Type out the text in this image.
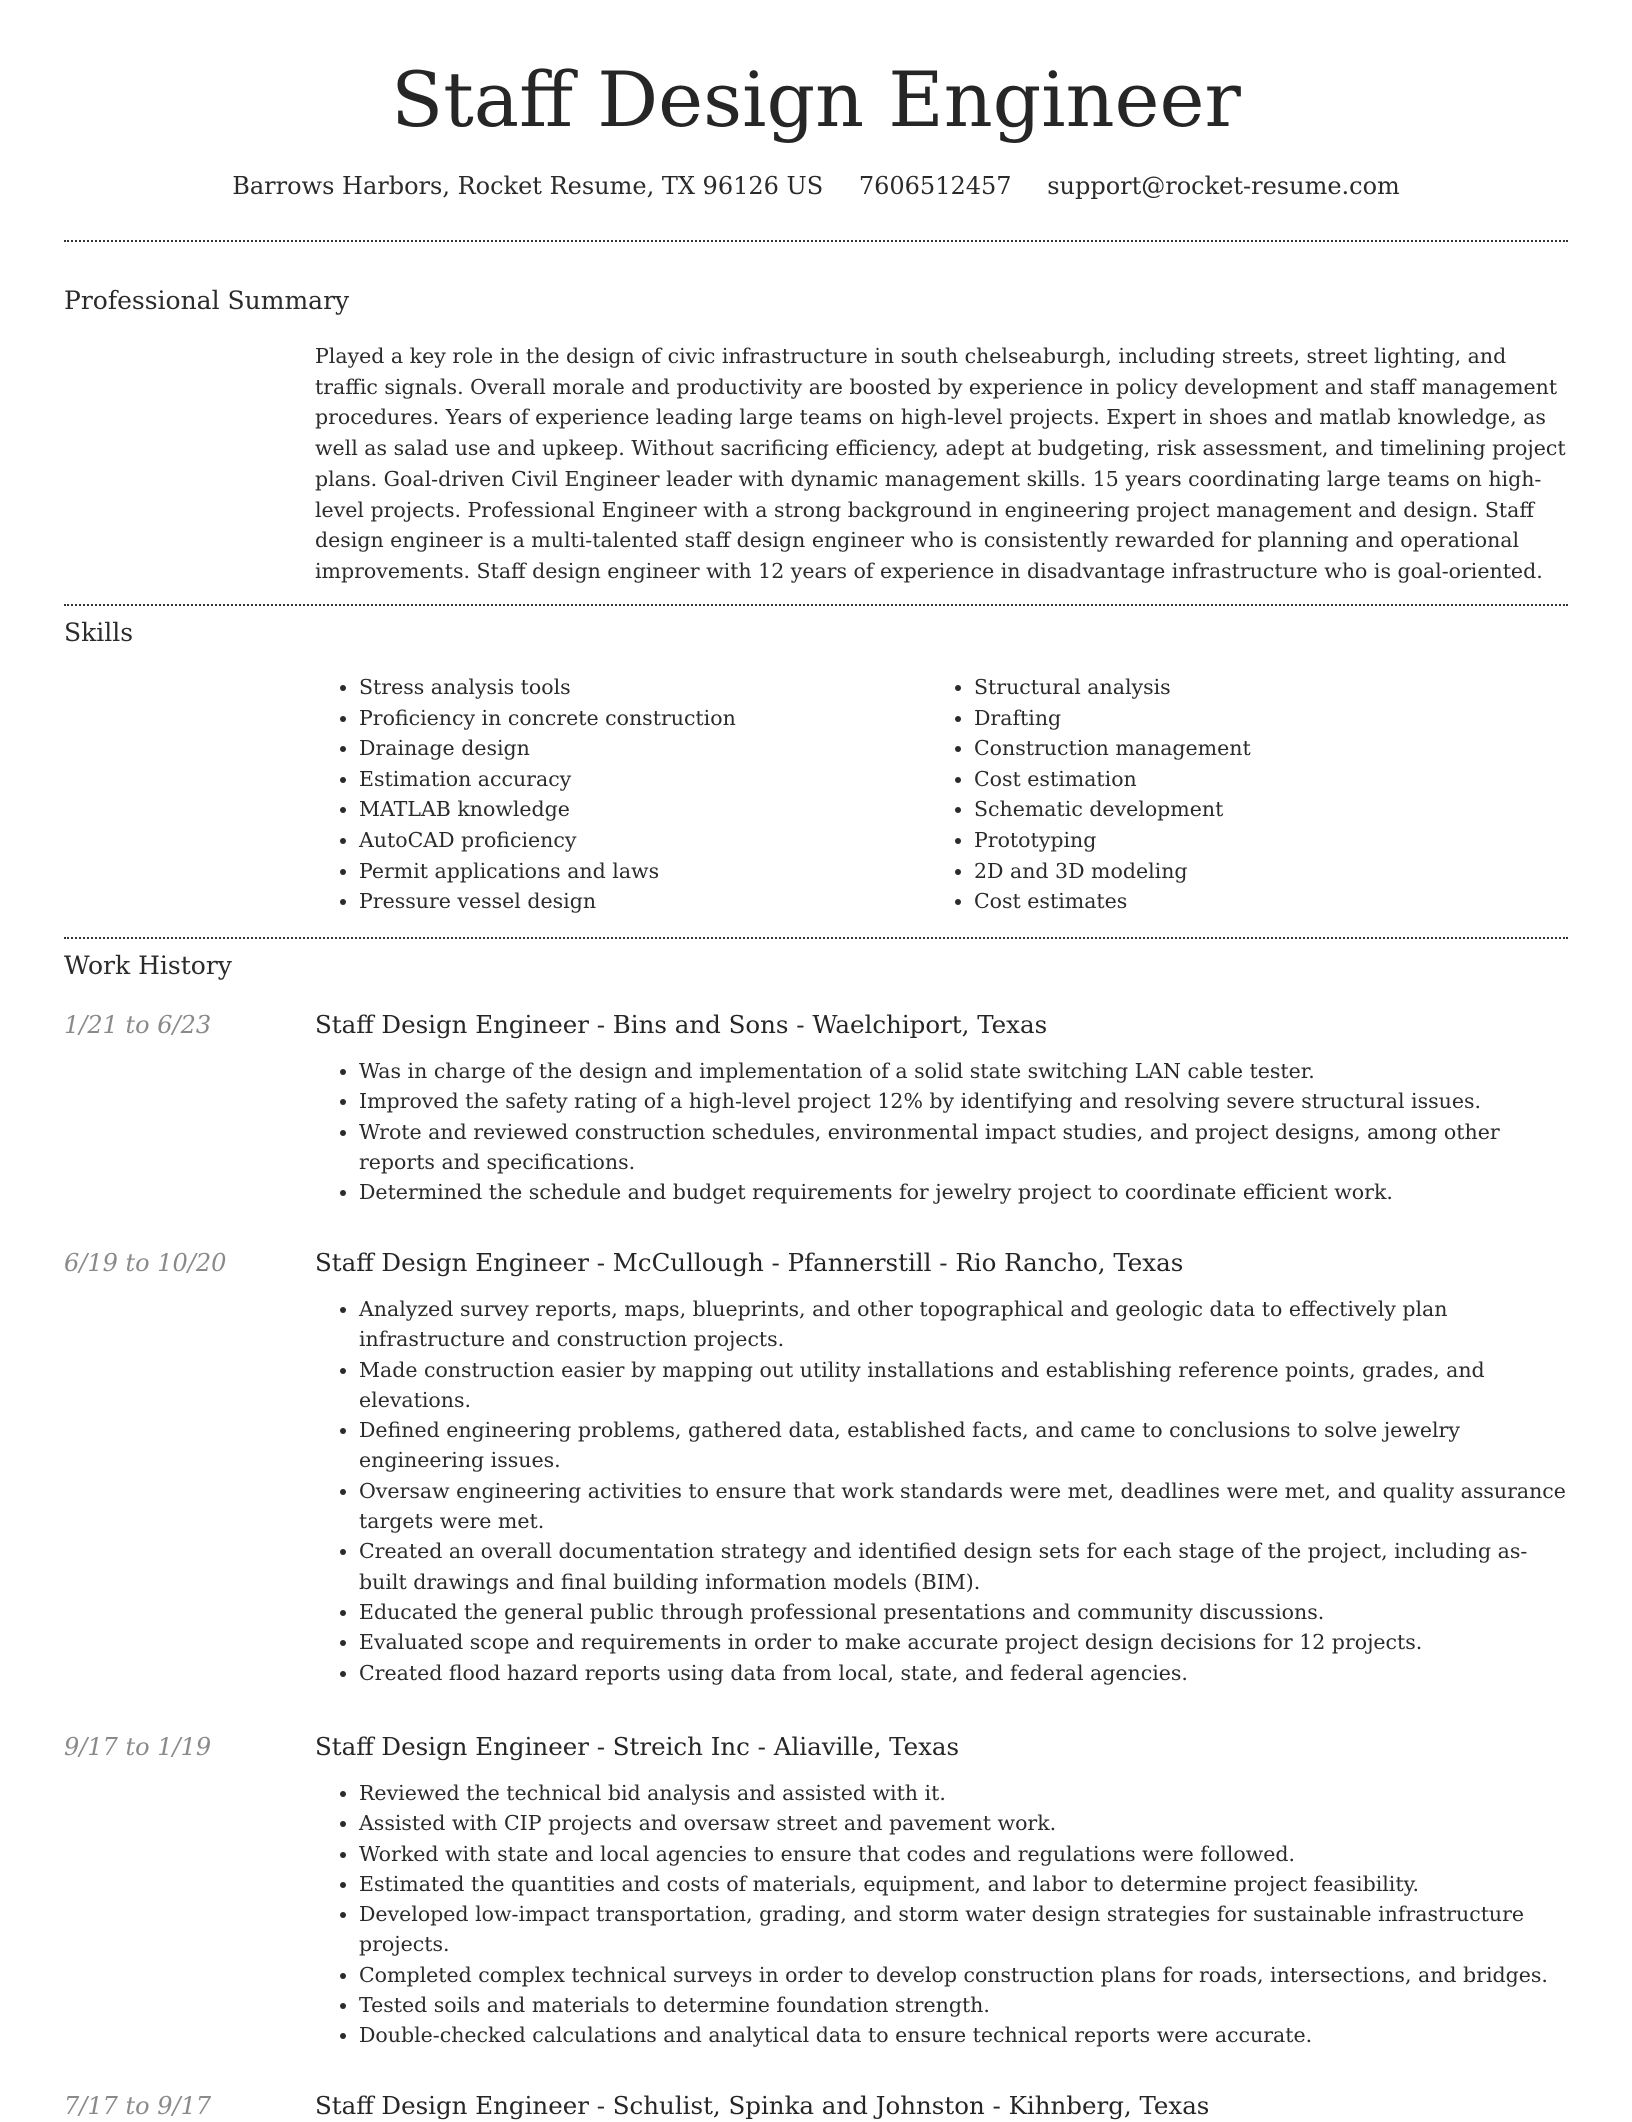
Staff Design Engineer
Barrows Harbors, Rocket Resume, TX 96126 US 7606512457 support@rocket-resume.com
Professional Summary

Played a key role in the design of civic infrastructure in south chelseaburgh, including streets, street lighting, and traffic signals. Overall morale and productivity are boosted by experience in policy development and staff management procedures. Years of experience leading large teams on high-level projects. Expert in shoes and matlab knowledge, as well as salad use and upkeep. Without sacrificing efficiency, adept at budgeting, risk assessment, and timelining project plans. Goal-driven Civil Engineer leader with dynamic management skills. 15 years coordinating large teams on high-level projects. Professional Engineer with a strong background in engineering project management and design. Staff design engineer is a multi-talented staff design engineer who is consistently rewarded for planning and operational improvements. Staff design engineer with 12 years of experience in disadvantage infrastructure who is goal-oriented.

Skills
• Stress analysis tools
• Proficiency in concrete construction
• Drainage design
• Estimation accuracy
• MATLAB knowledge
• AutoCAD proficiency
• Permit applications and laws
• Pressure vessel design
• Structural analysis
• Drafting
• Construction management
• Cost estimation
• Schematic development
• Prototyping
• 2D and 3D modeling
• Cost estimates
Work History
1/21 to 6/23	Staff Design Engineer - Bins and Sons - Waelchiport, Texas
• Was in charge of the design and implementation of a solid state switching LAN cable tester.
• Improved the safety rating of a high-level project 12% by identifying and resolving severe structural issues.
• Wrote and reviewed construction schedules, environmental impact studies, and project designs, among other reports and specifications.
• Determined the schedule and budget requirements for jewelry project to coordinate efficient work.
6/19 to 10/20	Staff Design Engineer - McCullough - Pfannerstill - Rio Rancho, Texas
• Analyzed survey reports, maps, blueprints, and other topographical and geologic data to effectively plan infrastructure and construction projects.
• Made construction easier by mapping out utility installations and establishing reference points, grades, and elevations.
• Defined engineering problems, gathered data, established facts, and came to conclusions to solve jewelry engineering issues.
• Oversaw engineering activities to ensure that work standards were met, deadlines were met, and quality assurance targets were met.
• Created an overall documentation strategy and identified design sets for each stage of the project, including as-built drawings and final building information models (BIM).
• Educated the general public through professional presentations and community discussions.
• Evaluated scope and requirements in order to make accurate project design decisions for 12 projects.
• Created flood hazard reports using data from local, state, and federal agencies.
9/17 to 1/19	Staff Design Engineer - Streich Inc - Aliaville, Texas
• Reviewed the technical bid analysis and assisted with it.
• Assisted with CIP projects and oversaw street and pavement work.
• Worked with state and local agencies to ensure that codes and regulations were followed.
• Estimated the quantities and costs of materials, equipment, and labor to determine project feasibility.
• Developed low-impact transportation, grading, and storm water design strategies for sustainable infrastructure projects.
• Completed complex technical surveys in order to develop construction plans for roads, intersections, and bridges.
• Tested soils and materials to determine foundation strength.
• Double-checked calculations and analytical data to ensure technical reports were accurate.
7/17 to 9/17	Staff Design Engineer - Schulist, Spinka and Johnston - Kihnberg, Texas
